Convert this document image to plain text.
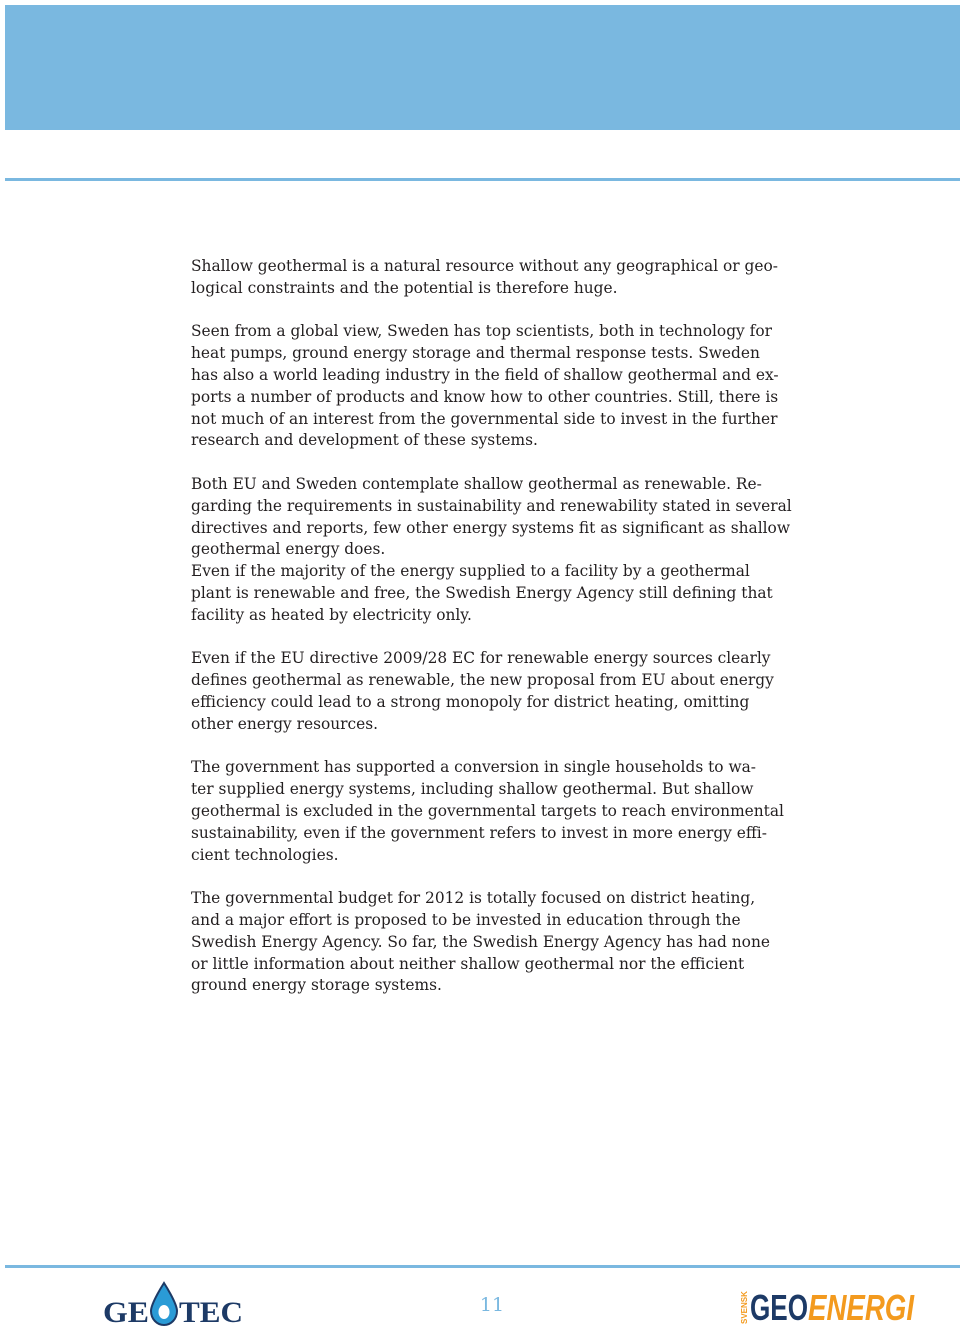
Shallow geothermal is a natural resource without any geographical or geo-
logical constraints and the potential is therefore huge.

Seen from a global view, Sweden has top scientists, both in technology for
heat pumps, ground energy storage and thermal response tests. Sweden
has also a world leading industry in the field of shallow geothermal and ex-
ports a number of products and know how to other countries. Still, there is
not much of an interest from the governmental side to invest in the further
research and development of these systems.

Both EU and Sweden contemplate shallow geothermal as renewable. Re-
garding the requirements in sustainability and renewability stated in several
directives and reports, few other energy systems fit as significant as shallow
geothermal energy does.

Even if the majority of the energy supplied to a facility by a geothermal
plant is renewable and free, the Swedish Energy Agency still defining that
facility as heated by electricity only.

Even if the EU directive 2009/28 EC for renewable energy sources clearly
defines geothermal as renewable, the new proposal from EU about energy
efficiency could lead to a strong monopoly for district heating, omitting
other energy resources.

The government has supported a conversion in single households to wa-
ter supplied energy systems, including shallow geothermal. But shallow
geothermal is excluded in the governmental targets to reach environmental
sustainability, even if the government refers to invest in more energy effi-
cient technologies.

The governmental budget for 2012 is totally focused on district heating,
and a major effort is proposed to be invested in education through the
Swedish Energy Agency. So far, the Swedish Energy Agency has had none
or little information about neither shallow geothermal nor the efficient
ground energy storage systems.

GE TEC	11	SVENSK GEO ENERGI
